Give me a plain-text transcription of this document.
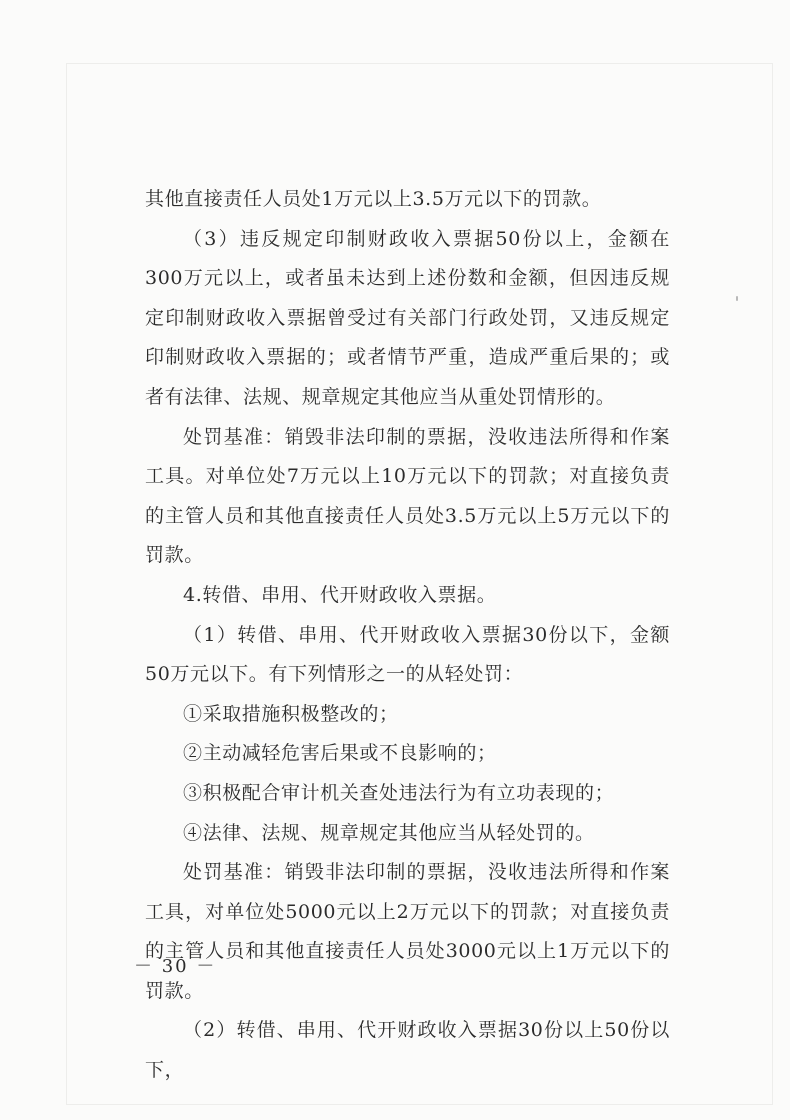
其他直接责任人员处1万元以上3.5万元以下的罚款。

（3）违反规定印制财政收入票据50份以上，金额在300万元以上，或者虽未达到上述份数和金额，但因违反规定印制财政收入票据曾受过有关部门行政处罚，又违反规定印制财政收入票据的；或者情节严重，造成严重后果的；或者有法律、法规、规章规定其他应当从重处罚情形的。

处罚基准：销毁非法印制的票据，没收违法所得和作案工具。对单位处7万元以上10万元以下的罚款；对直接负责的主管人员和其他直接责任人员处3.5万元以上5万元以下的罚款。

4.转借、串用、代开财政收入票据。

（1）转借、串用、代开财政收入票据30份以下，金额50万元以下。有下列情形之一的从轻处罚：

①采取措施积极整改的；

②主动减轻危害后果或不良影响的；

③积极配合审计机关查处违法行为有立功表现的；

④法律、法规、规章规定其他应当从轻处罚的。

处罚基准：销毁非法印制的票据，没收违法所得和作案工具，对单位处5000元以上2万元以下的罚款；对直接负责的主管人员和其他直接责任人员处3000元以上1万元以下的罚款。

（2）转借、串用、代开财政收入票据30份以上50份以下，

－ 30 －
